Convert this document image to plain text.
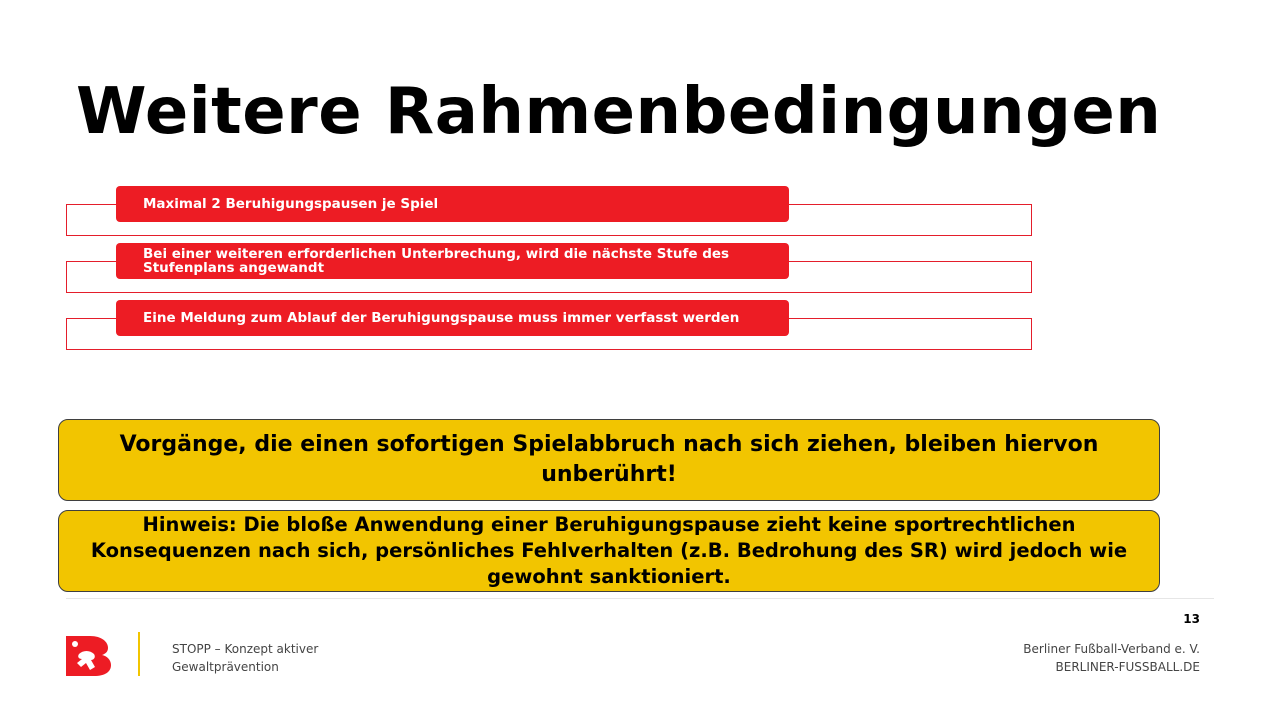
Weitere Rahmenbedingungen
Maximal 2 Beruhigungspausen je Spiel
Bei einer weiteren erforderlichen Unterbrechung, wird die nächste Stufe des Stufenplans angewandt
Eine Meldung zum Ablauf der Beruhigungspause muss immer verfasst werden
Vorgänge, die einen sofortigen Spielabbruch nach sich ziehen, bleiben hiervon unberührt!
Hinweis: Die bloße Anwendung einer Beruhigungspause zieht keine sportrechtlichen Konsequenzen nach sich, persönliches Fehlverhalten (z.B. Bedrohung des SR) wird jedoch wie gewohnt sanktioniert.
13
STOPP – Konzept aktiver
Gewaltprävention
Berliner Fußball-Verband e. V.
BERLINER-FUSSBALL.DE
